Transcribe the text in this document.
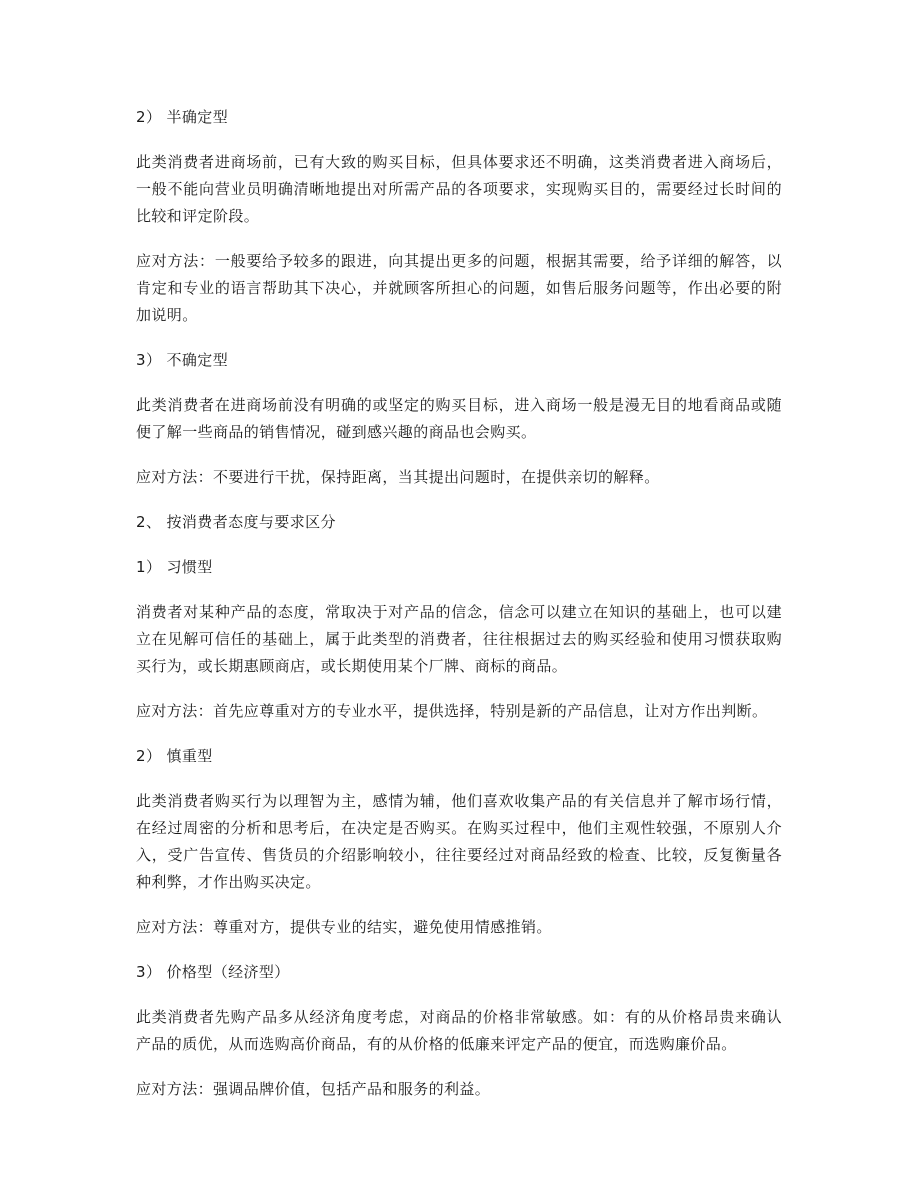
2） 半确定型

此类消费者进商场前，已有大致的购买目标，但具体要求还不明确，这类消费者进入商场后，一般不能向营业员明确清晰地提出对所需产品的各项要求，实现购买目的，需要经过长时间的比较和评定阶段。

应对方法：一般要给予较多的跟进，向其提出更多的问题，根据其需要，给予详细的解答，以肯定和专业的语言帮助其下决心，并就顾客所担心的问题，如售后服务问题等，作出必要的附加说明。

3） 不确定型

此类消费者在进商场前没有明确的或坚定的购买目标，进入商场一般是漫无目的地看商品或随便了解一些商品的销售情况，碰到感兴趣的商品也会购买。

应对方法：不要进行干扰，保持距离，当其提出问题时，在提供亲切的解释。

2、 按消费者态度与要求区分

1） 习惯型

消费者对某种产品的态度，常取决于对产品的信念，信念可以建立在知识的基础上，也可以建立在见解可信任的基础上，属于此类型的消费者，往往根据过去的购买经验和使用习惯获取购买行为，或长期惠顾商店，或长期使用某个厂牌、商标的商品。

应对方法：首先应尊重对方的专业水平，提供选择，特别是新的产品信息，让对方作出判断。

2） 慎重型

此类消费者购买行为以理智为主，感情为辅，他们喜欢收集产品的有关信息并了解市场行情，在经过周密的分析和思考后，在决定是否购买。在购买过程中，他们主观性较强，不原别人介入，受广告宣传、售货员的介绍影响较小，往往要经过对商品经致的检查、比较，反复衡量各种利弊，才作出购买决定。

应对方法：尊重对方，提供专业的结实，避免使用情感推销。

3） 价格型（经济型）

此类消费者先购产品多从经济角度考虑，对商品的价格非常敏感。如：有的从价格昂贵来确认产品的质优，从而选购高价商品，有的从价格的低廉来评定产品的便宜，而选购廉价品。

应对方法：强调品牌价值，包括产品和服务的利益。
